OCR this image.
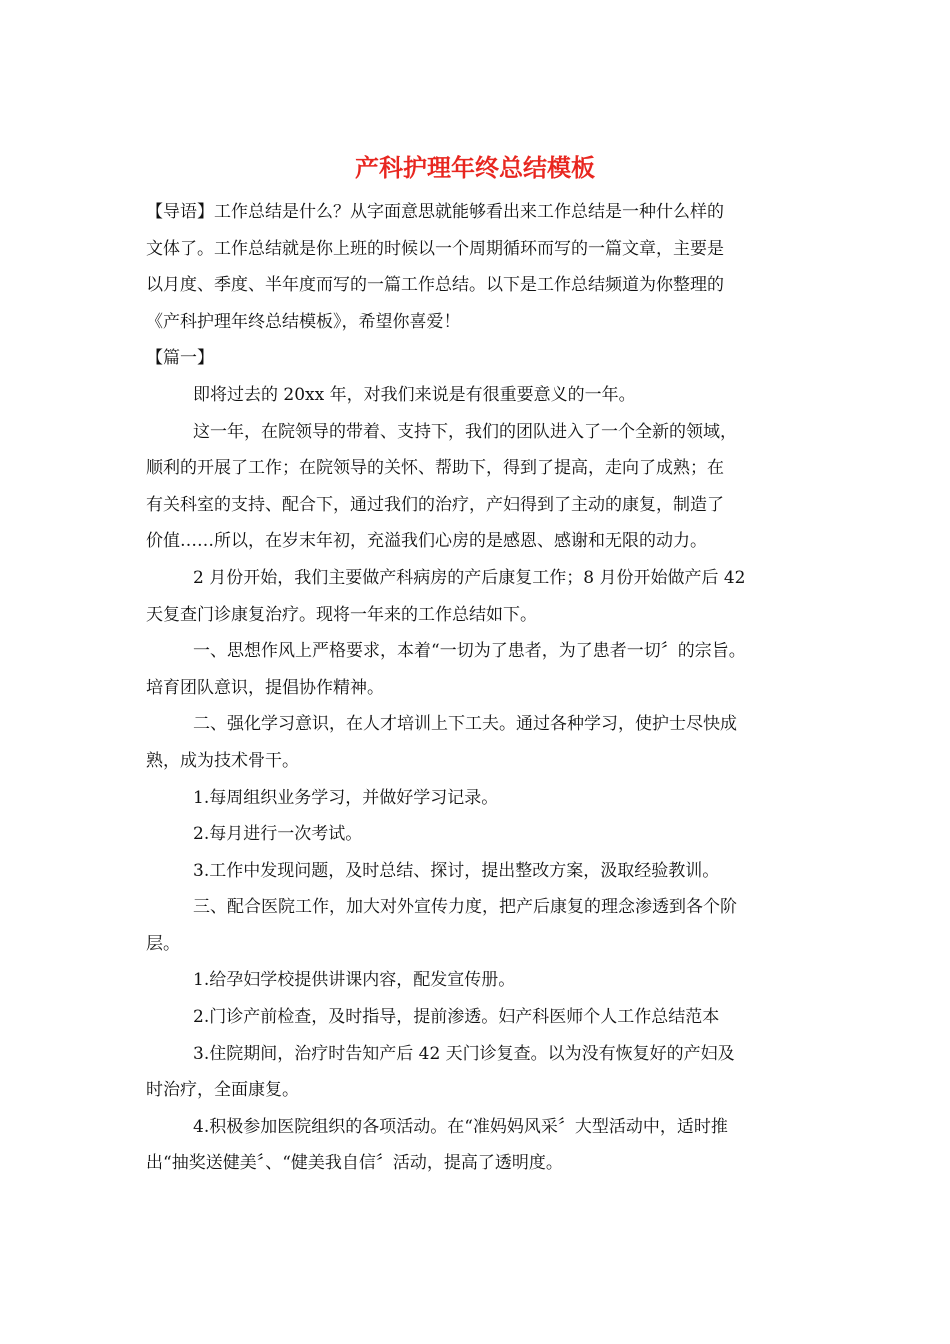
产科护理年终总结模板

【导语】工作总结是什么？从字面意思就能够看出来工作总结是一种什么样的

文体了。工作总结就是你上班的时候以一个周期循环而写的一篇文章，主要是

以月度、季度、半年度而写的一篇工作总结。以下是工作总结频道为你整理的

《产科护理年终总结模板》，希望你喜爱！

【篇一】

即将过去的 20xx 年，对我们来说是有很重要意义的一年。

这一年，在院领导的带着、支持下，我们的团队进入了一个全新的领域，

顺利的开展了工作；在院领导的关怀、帮助下，得到了提高，走向了成熟；在

有关科室的支持、配合下，通过我们的治疗，产妇得到了主动的康复，制造了

价值……所以，在岁末年初，充溢我们心房的是感恩、感谢和无限的动力。

2 月份开始，我们主要做产科病房的产后康复工作；8 月份开始做产后 42

天复查门诊康复治疗。现将一年来的工作总结如下。

一、思想作风上严格要求，本着“一切为了患者，为了患者一切〞的宗旨。

培育团队意识，提倡协作精神。

二、强化学习意识，在人才培训上下工夫。通过各种学习，使护士尽快成

熟，成为技术骨干。

1.每周组织业务学习，并做好学习记录。

2.每月进行一次考试。

3.工作中发现问题，及时总结、探讨，提出整改方案，汲取经验教训。

三、配合医院工作，加大对外宣传力度，把产后康复的理念渗透到各个阶

层。

1.给孕妇学校提供讲课内容，配发宣传册。

2.门诊产前检查，及时指导，提前渗透。妇产科医师个人工作总结范本

3.住院期间，治疗时告知产后 42 天门诊复查。以为没有恢复好的产妇及

时治疗，全面康复。

4.积极参加医院组织的各项活动。在“准妈妈风采〞大型活动中，适时推

出“抽奖送健美〞、“健美我自信〞活动，提高了透明度。
